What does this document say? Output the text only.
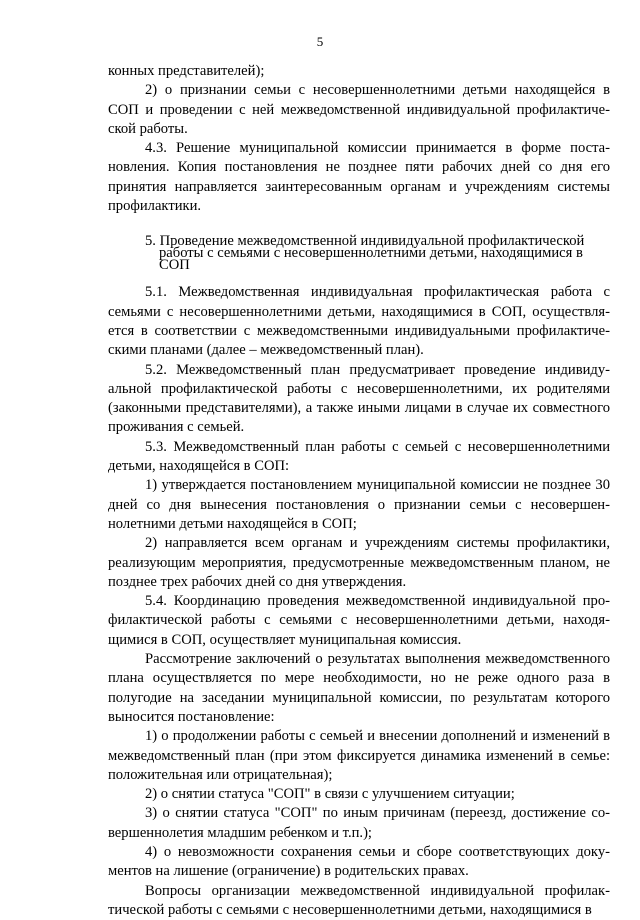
5

конных представителей);

2) о признании семьи с несовершеннолетними детьми находящейся в СОП и проведении с ней межведомственной индивидуальной профилактической работы.

4.3. Решение муниципальной комиссии принимается в форме постановления. Копия постановления не позднее пяти рабочих дней со дня его принятия направляется заинтересованным органам и учреждениям системы профилактики.

5. Проведение межведомственной индивидуальной профилактической
работы с семьями с несовершеннолетними детьми, находящимися в
СОП

5.1. Межведомственная индивидуальная профилактическая работа с семьями с несовершеннолетними детьми, находящимися в СОП, осуществляется в соответствии с межведомственными индивидуальными профилактическими планами (далее – межведомственный план).

5.2. Межведомственный план предусматривает проведение индивидуальной профилактической работы с несовершеннолетними, их родителями (законными представителями), а также иными лицами в случае их совместного проживания с семьей.

5.3. Межведомственный план работы с семьей с несовершеннолетними детьми, находящейся в СОП:

1) утверждается постановлением муниципальной комиссии не позднее 30 дней со дня вынесения постановления о признании семьи с несовершеннолетними детьми находящейся в СОП;

2) направляется всем органам и учреждениям системы профилактики, реализующим мероприятия, предусмотренные межведомственным планом, не позднее трех рабочих дней со дня утверждения.

5.4. Координацию проведения межведомственной индивидуальной профилактической работы с семьями с несовершеннолетними детьми, находящимися в СОП, осуществляет муниципальная комиссия.

Рассмотрение заключений о результатах выполнения межведомственного плана осуществляется по мере необходимости, но не реже одного раза в полугодие на заседании муниципальной комиссии, по результатам которого выносится постановление:

1) о продолжении работы с семьей и внесении дополнений и изменений в межведомственный план (при этом фиксируется динамика изменений в семье: положительная или отрицательная);

2) о снятии статуса "СОП" в связи с улучшением ситуации;

3) о снятии статуса "СОП" по иным причинам (переезд, достижение совершеннолетия младшим ребенком и т.п.);

4) о невозможности сохранения семьи и сборе соответствующих документов на лишение (ограничение) в родительских правах.

Вопросы организации межведомственной индивидуальной профилактической работы с семьями с несовершеннолетними детьми, находящимися в
